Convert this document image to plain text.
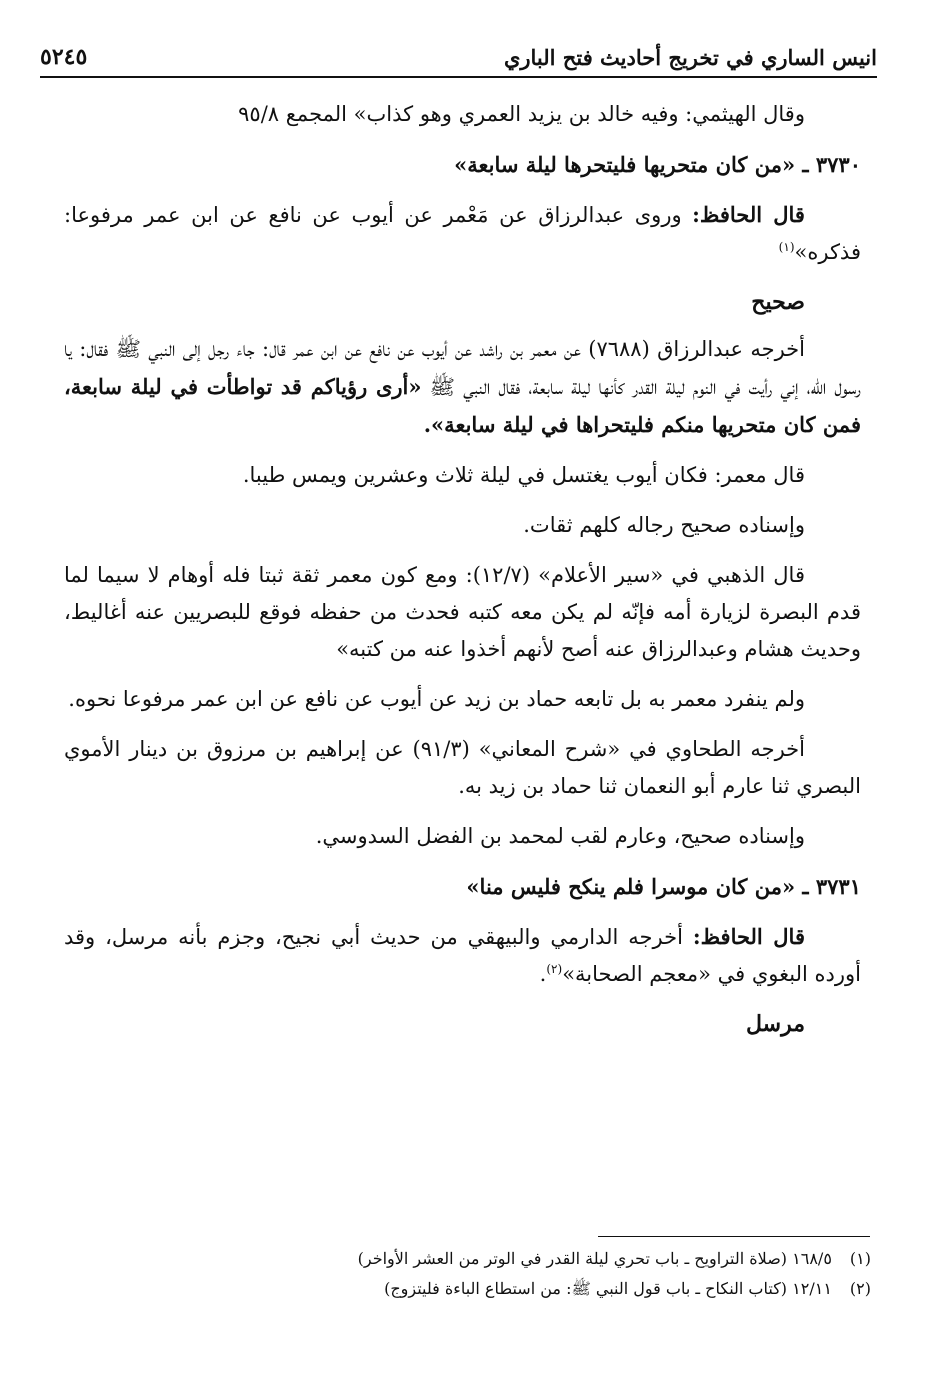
انيس الساري في تخريج أحاديث فتح الباري
٥٢٤٥

وقال الهيثمي: وفيه خالد بن يزيد العمري وهو كذاب» المجمع ٩٥/٨

٣٧٣٠ ـ «من كان متحريها فليتحرها ليلة سابعة»

قال الحافظ: وروى عبدالرزاق عن مَعْمر عن أيوب عن نافع عن ابن عمر مرفوعا: فذكره»$^{(١)}$

صحيح

أخرجه عبدالرزاق (٧٦٨٨) عن معمر بن راشد عن أيوب عن نافع عن ابن عمر قال: جاء رجل إلى النبي ﷺ فقال: يا رسول الله، إني رأيت في النوم ليلة القدر كأنها ليلة سابعة، فقال النبي ﷺ «أرى رؤياكم قد تواطأت في ليلة سابعة، فمن كان متحريها منكم فليتحراها في ليلة سابعة».

قال معمر: فكان أيوب يغتسل في ليلة ثلاث وعشرين ويمس طيبا.

وإسناده صحيح رجاله كلهم ثقات.

قال الذهبي في «سير الأعلام» (١٢/٧): ومع كون معمر ثقة ثبتا فله أوهام لا سيما لما قدم البصرة لزيارة أمه فإنّه لم يكن معه كتبه فحدث من حفظه فوقع للبصريين عنه أغاليط، وحديث هشام وعبدالرزاق عنه أصح لأنهم أخذوا عنه من كتبه»

ولم ينفرد معمر به بل تابعه حماد بن زيد عن أيوب عن نافع عن ابن عمر مرفوعا نحوه.

أخرجه الطحاوي في «شرح المعاني» (٩١/٣) عن إبراهيم بن مرزوق بن دينار الأموي البصري ثنا عارم أبو النعمان ثنا حماد بن زيد به.

وإسناده صحيح، وعارم لقب لمحمد بن الفضل السدوسي.

٣٧٣١ ـ «من كان موسرا فلم ينكح فليس منا»

قال الحافظ: أخرجه الدارمي والبيهقي من حديث أبي نجيح، وجزم بأنه مرسل، وقد أورده البغوي في «معجم الصحابة»$^{(٢)}$.

مرسل

(١)
١٦٨/٥ (صلاة التراويح ـ باب تحري ليلة القدر في الوتر من العشر الأواخر)
(٢)
١٢/١١ (كتاب النكاح ـ باب قول النبي ﷺ: من استطاع الباءة فليتزوج)
